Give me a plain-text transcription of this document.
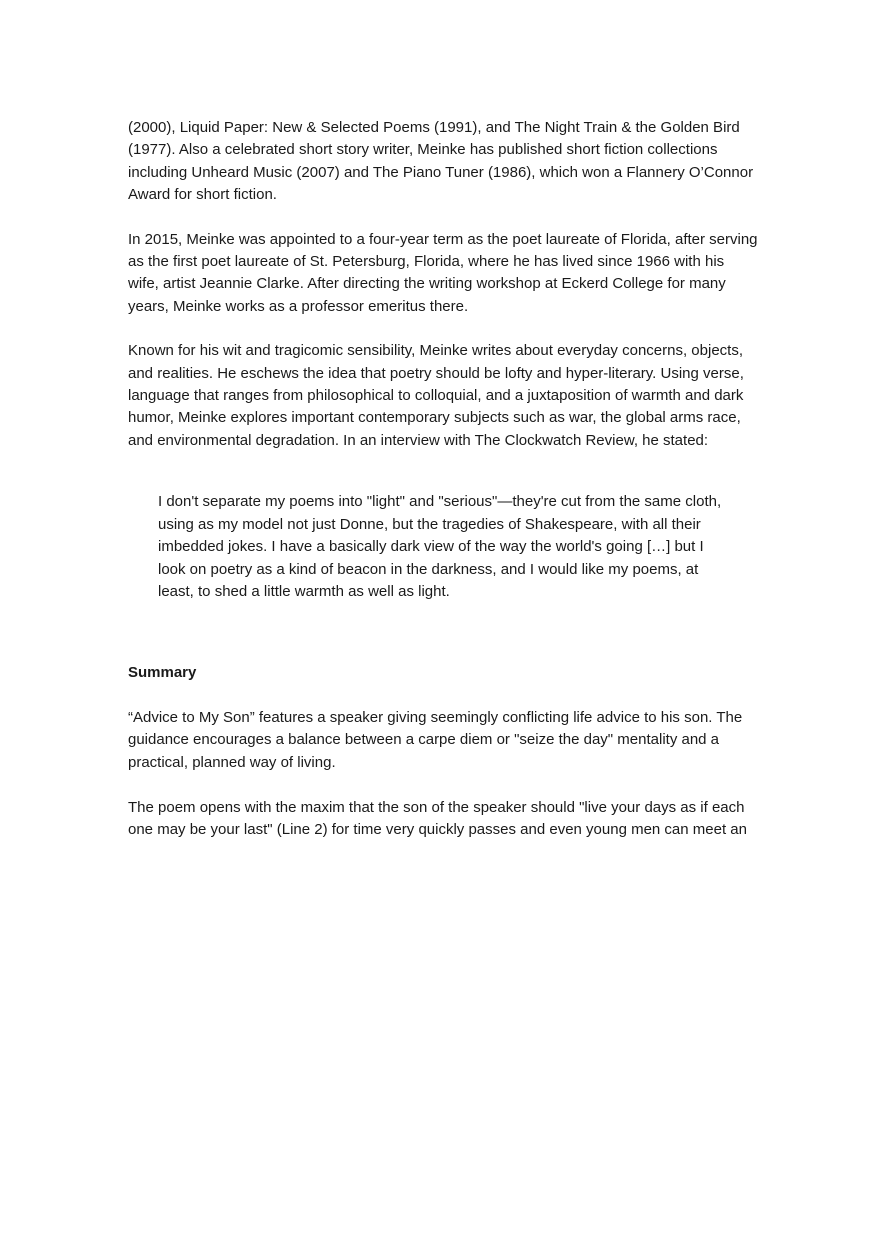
(2000), Liquid Paper: New & Selected Poems (1991), and The Night Train & the Golden Bird (1977). Also a celebrated short story writer, Meinke has published short fiction collections including Unheard Music (2007) and The Piano Tuner (1986), which won a Flannery O’Connor Award for short fiction.

In 2015, Meinke was appointed to a four-year term as the poet laureate of Florida, after serving as the first poet laureate of St. Petersburg, Florida, where he has lived since 1966 with his wife, artist Jeannie Clarke. After directing the writing workshop at Eckerd College for many years, Meinke works as a professor emeritus there.

Known for his wit and tragicomic sensibility, Meinke writes about everyday concerns, objects, and realities. He eschews the idea that poetry should be lofty and hyper-literary. Using verse, language that ranges from philosophical to colloquial, and a juxtaposition of warmth and dark humor, Meinke explores important contemporary subjects such as war, the global arms race, and environmental degradation. In an interview with The Clockwatch Review, he stated:

I don't separate my poems into "light" and "serious"—they're cut from the same cloth, using as my model not just Donne, but the tragedies of Shakespeare, with all their imbedded jokes. I have a basically dark view of the way the world's going […] but I look on poetry as a kind of beacon in the darkness, and I would like my poems, at least, to shed a little warmth as well as light.

Summary

“Advice to My Son” features a speaker giving seemingly conflicting life advice to his son. The guidance encourages a balance between a carpe diem or "seize the day" mentality and a practical, planned way of living.

The poem opens with the maxim that the son of the speaker should "live your days as if each one may be your last" (Line 2) for time very quickly passes and even young men can meet an
